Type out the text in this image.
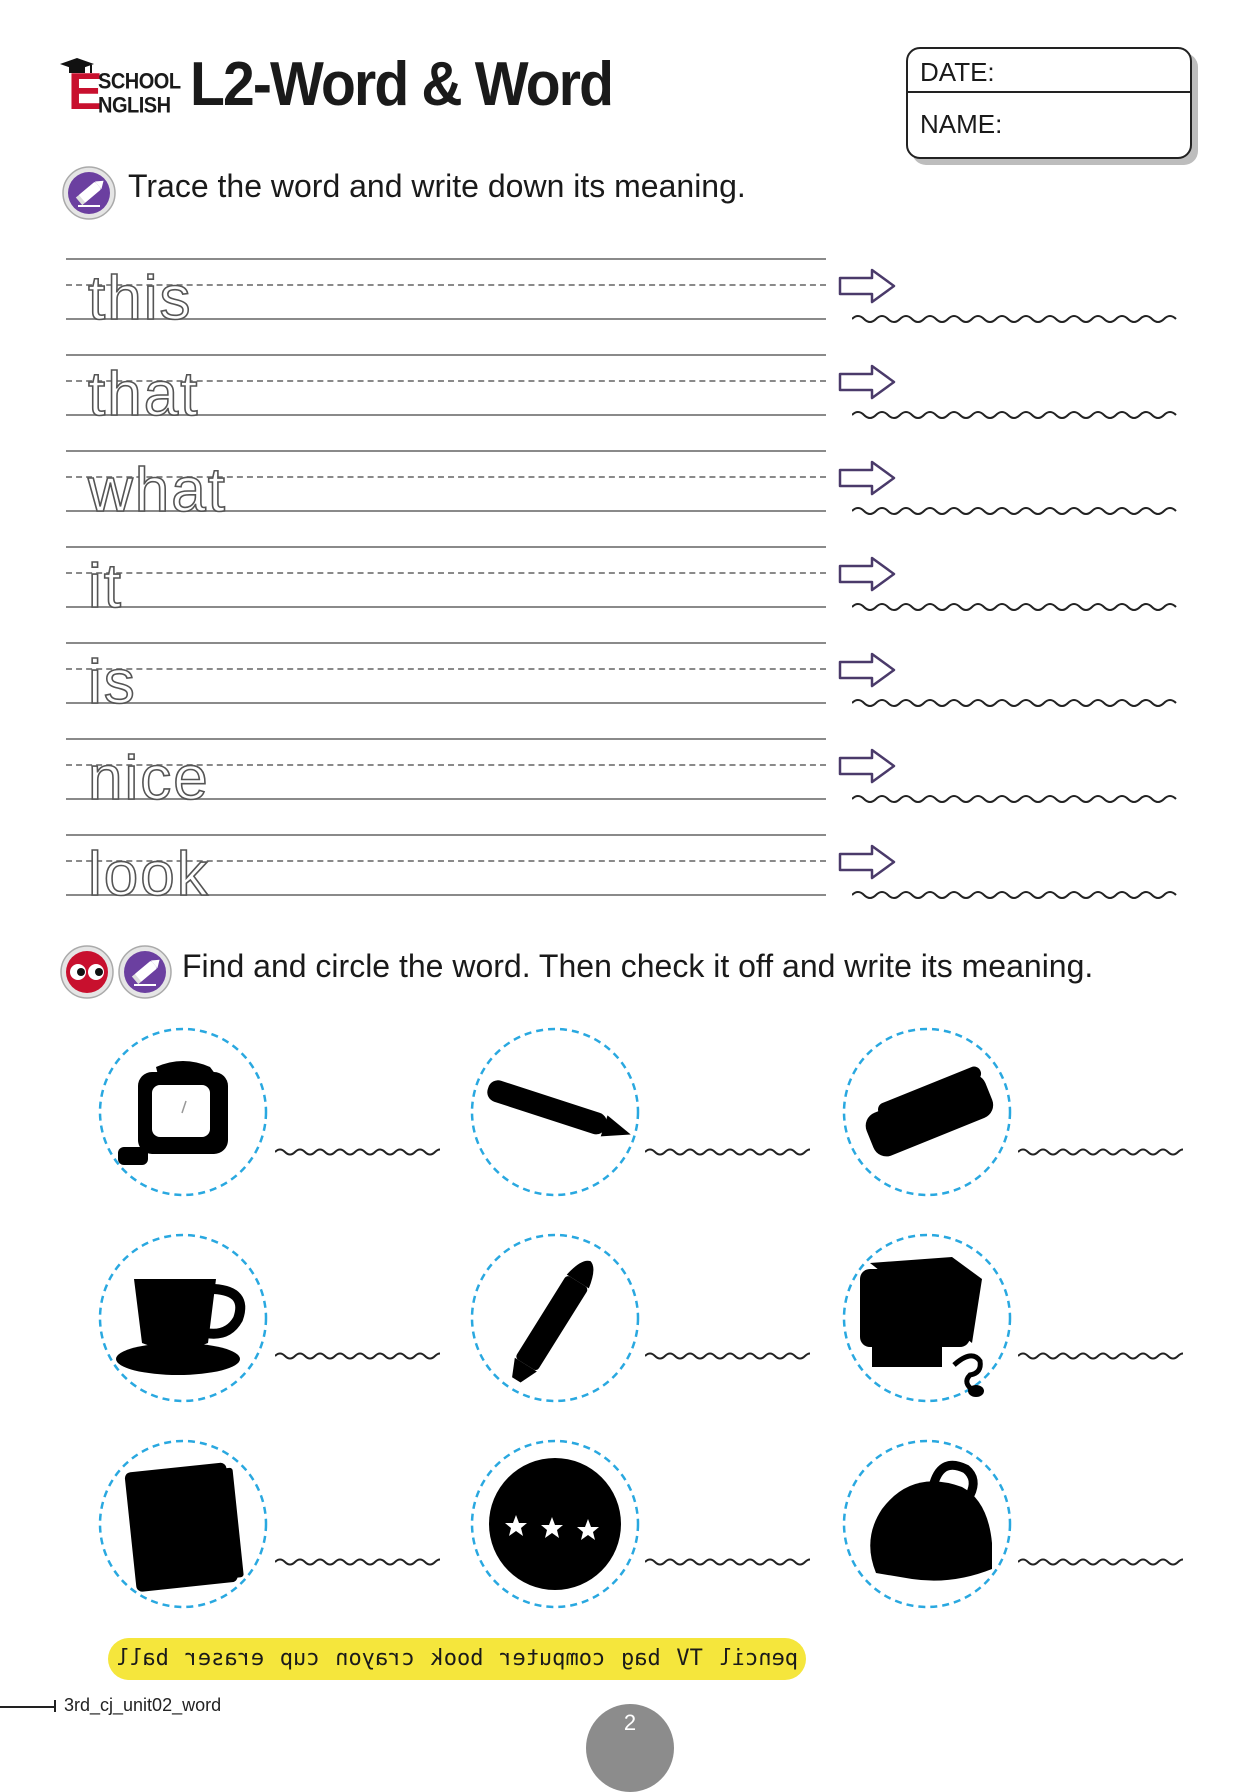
E
SCHOOL
NGLISH L2-Word & Word	DATE:
NAME:
Trace the word and write down its meaning.
this
that
what
it
is
nice
look
Find and circle the word. Then check it off and write its meaning.
pencil
TV
bag
computer
book
crayon
cup
eraser
ball
3rd_cj_unit02_word
2
